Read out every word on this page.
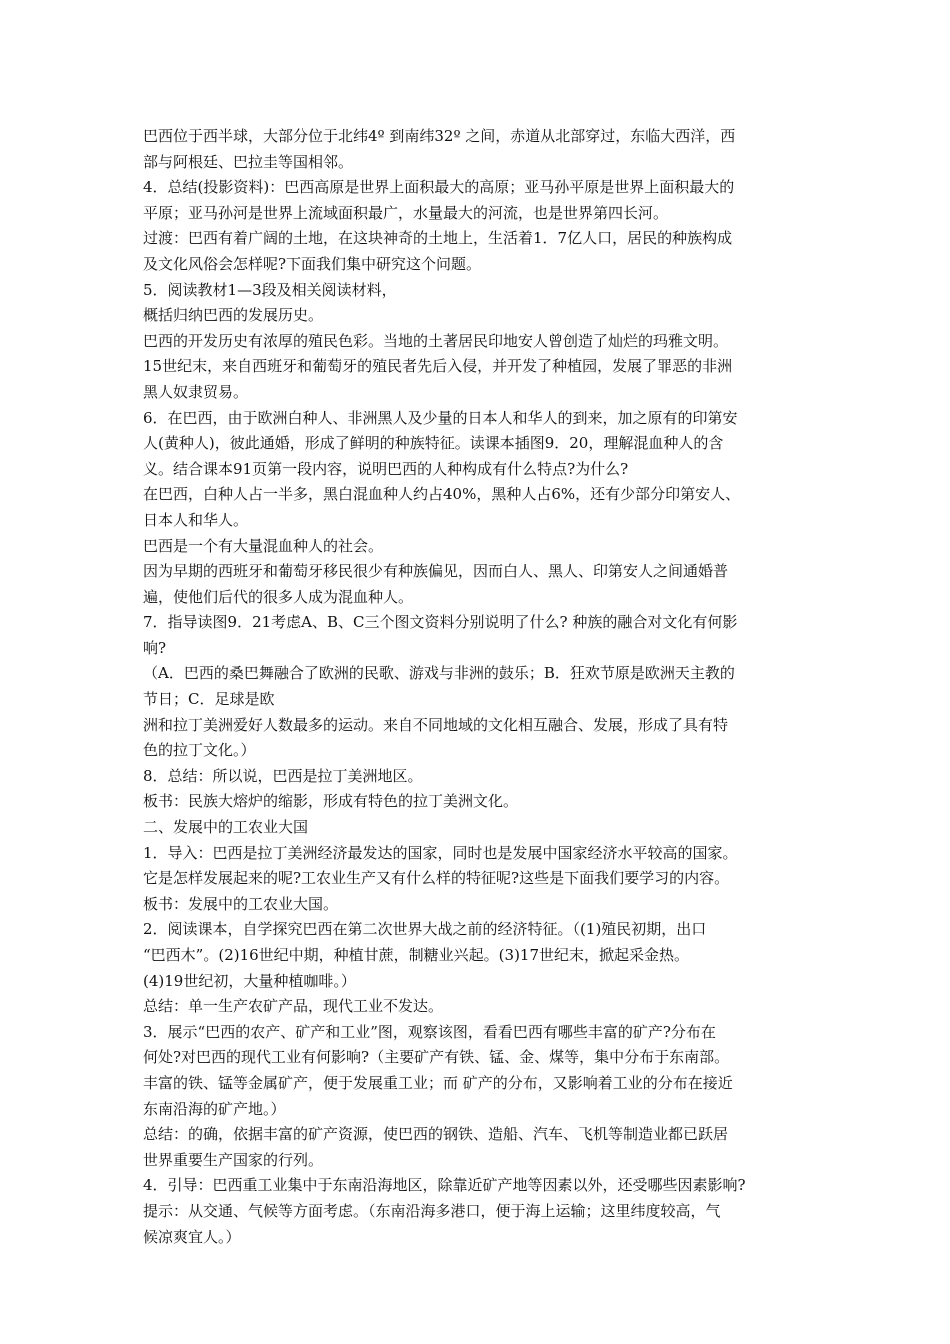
巴西位于西半球，大部分位于北纬4º 到南纬32º 之间，赤道从北部穿过，东临大西洋，西

部与阿根廷、巴拉圭等国相邻。

4．总结(投影资料)：巴西高原是世界上面积最大的高原；亚马孙平原是世界上面积最大的

平原；亚马孙河是世界上流域面积最广，水量最大的河流，也是世界第四长河。

过渡：巴西有着广阔的土地，在这块神奇的土地上，生活着1．7亿人口，居民的种族构成

及文化风俗会怎样呢?下面我们集中研究这个问题。

5．阅读教材1—3段及相关阅读材料，

概括归纳巴西的发展历史。

巴西的开发历史有浓厚的殖民色彩。当地的土著居民印地安人曾创造了灿烂的玛雅文明。

15世纪末，来自西班牙和葡萄牙的殖民者先后入侵，并开发了种植园，发展了罪恶的非洲

黑人奴隶贸易。

6．在巴西，由于欧洲白种人、非洲黑人及少量的日本人和华人的到来，加之原有的印第安

人(黄种人)，彼此通婚，形成了鲜明的种族特征。读课本插图9．20，理解混血种人的含

义。结合课本91页第一段内容，说明巴西的人种构成有什么特点?为什么?

在巴西，白种人占一半多，黑白混血种人约占40%，黑种人占6%，还有少部分印第安人、

日本人和华人。

巴西是一个有大量混血种人的社会。

因为早期的西班牙和葡萄牙移民很少有种族偏见，因而白人、黑人、印第安人之间通婚普

遍，使他们后代的很多人成为混血种人。

7．指导读图9．21考虑A、B、C三个图文资料分别说明了什么? 种族的融合对文化有何影

响?

（A．巴西的桑巴舞融合了欧洲的民歌、游戏与非洲的鼓乐；B．狂欢节原是欧洲天主教的

节日；C．足球是欧

洲和拉丁美洲爱好人数最多的运动。来自不同地域的文化相互融合、发展，形成了具有特

色的拉丁文化。）

8．总结：所以说，巴西是拉丁美洲地区。

板书：民族大熔炉的缩影，形成有特色的拉丁美洲文化。

二、发展中的工农业大国

1．导入：巴西是拉丁美洲经济最发达的国家，同时也是发展中国家经济水平较高的国家。

它是怎样发展起来的呢?工农业生产又有什么样的特征呢?这些是下面我们要学习的内容。

板书：发展中的工农业大国。

2．阅读课本，自学探究巴西在第二次世界大战之前的经济特征。（(1)殖民初期，出口

“巴西木”。(2)16世纪中期，种植甘蔗，制糖业兴起。(3)17世纪末，掀起采金热。

(4)19世纪初，大量种植咖啡。）

总结：单一生产农矿产品，现代工业不发达。

3．展示“巴西的农产、矿产和工业”图，观察该图，看看巴西有哪些丰富的矿产?分布在

何处?对巴西的现代工业有何影响?（主要矿产有铁、锰、金、煤等，集中分布于东南部。

丰富的铁、锰等金属矿产，便于发展重工业；而 矿产的分布，又影响着工业的分布在接近

东南沿海的矿产地。）

总结：的确，依据丰富的矿产资源，使巴西的钢铁、造船、汽车、飞机等制造业都已跃居

世界重要生产国家的行列。

4．引导：巴西重工业集中于东南沿海地区，除靠近矿产地等因素以外，还受哪些因素影响?

提示：从交通、气候等方面考虑。（东南沿海多港口，便于海上运输；这里纬度较高，气

候凉爽宜人。）
